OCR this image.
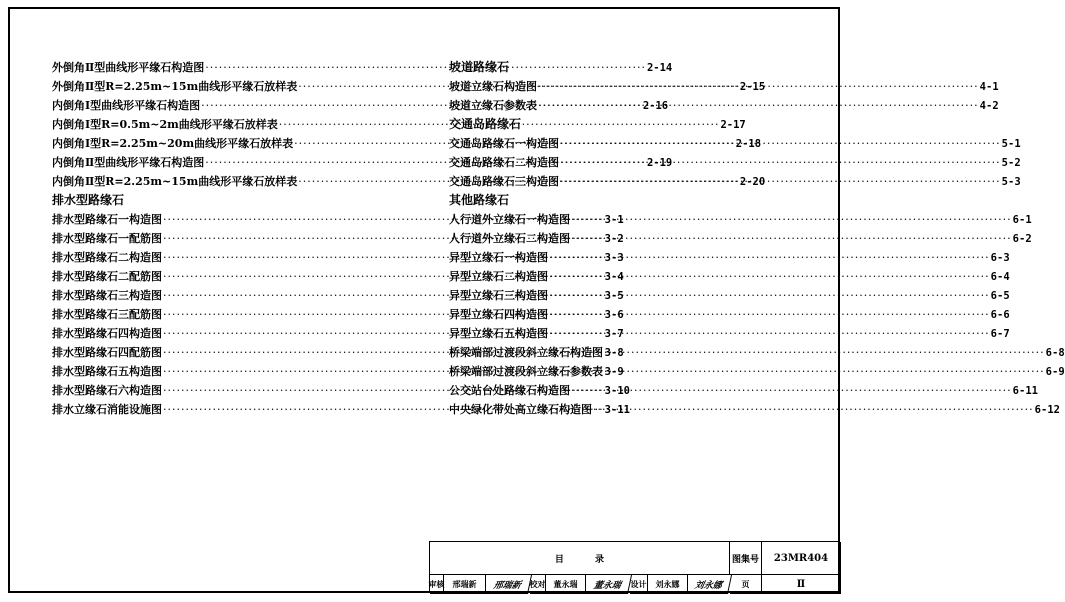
外倒角Ⅱ型曲线形平缘石构造图 ·····	2-14
外倒角Ⅱ型R=2.25m~15m曲线形平缘石放样表 ·····	2-15
内倒角Ⅰ型曲线形平缘石构造图 ·····	2-16
内倒角Ⅰ型R=0.5m~2m曲线形平缘石放样表 ·····	2-17
内倒角Ⅰ型R=2.25m~20m曲线形平缘石放样表 ·····	2-18
内倒角Ⅱ型曲线形平缘石构造图 ·····	2-19
内倒角Ⅱ型R=2.25m~15m曲线形平缘石放样表 ·····	2-20
排水型路缘石
排水型路缘石一构造图 ·····	3-1
排水型路缘石一配筋图 ·····	3-2
排水型路缘石二构造图 ·····	3-3
排水型路缘石二配筋图 ·····	3-4
排水型路缘石三构造图 ·····	3-5
排水型路缘石三配筋图 ·····	3-6
排水型路缘石四构造图 ·····	3-7
排水型路缘石四配筋图 ·····	3-8
排水型路缘石五构造图 ·····	3-9
排水型路缘石六构造图 ·····	3-10
排水立缘石消能设施图 ·····	3-11
坡道路缘石
坡道立缘石构造图 ·····	4-1
坡道立缘石参数表 ·····	4-2
交通岛路缘石
交通岛路缘石一构造图 ·····	5-1
交通岛路缘石二构造图 ·····	5-2
交通岛路缘石三构造图 ·····	5-3
其他路缘石
人行道外立缘石一构造图 ·····	6-1
人行道外立缘石二构造图 ·····	6-2
异型立缘石一构造图 ·····	6-3
异型立缘石二构造图 ·····	6-4
异型立缘石三构造图 ·····	6-5
异型立缘石四构造图 ·····	6-6
异型立缘石五构造图 ·····	6-7
桥梁端部过渡段斜立缘石构造图 ·····	6-8
桥梁端部过渡段斜立缘石参数表 ·····	6-9
公交站台处路缘石构造图 ·····	6-11
中央绿化带处高立缘石构造图 ·····	6-12
目 录	图集号	23MR404
审核	邢瑞新	邢瑞新 校对	董永瑞	董永瑞	设计	刘永娜	刘永娜	页	Ⅱ
